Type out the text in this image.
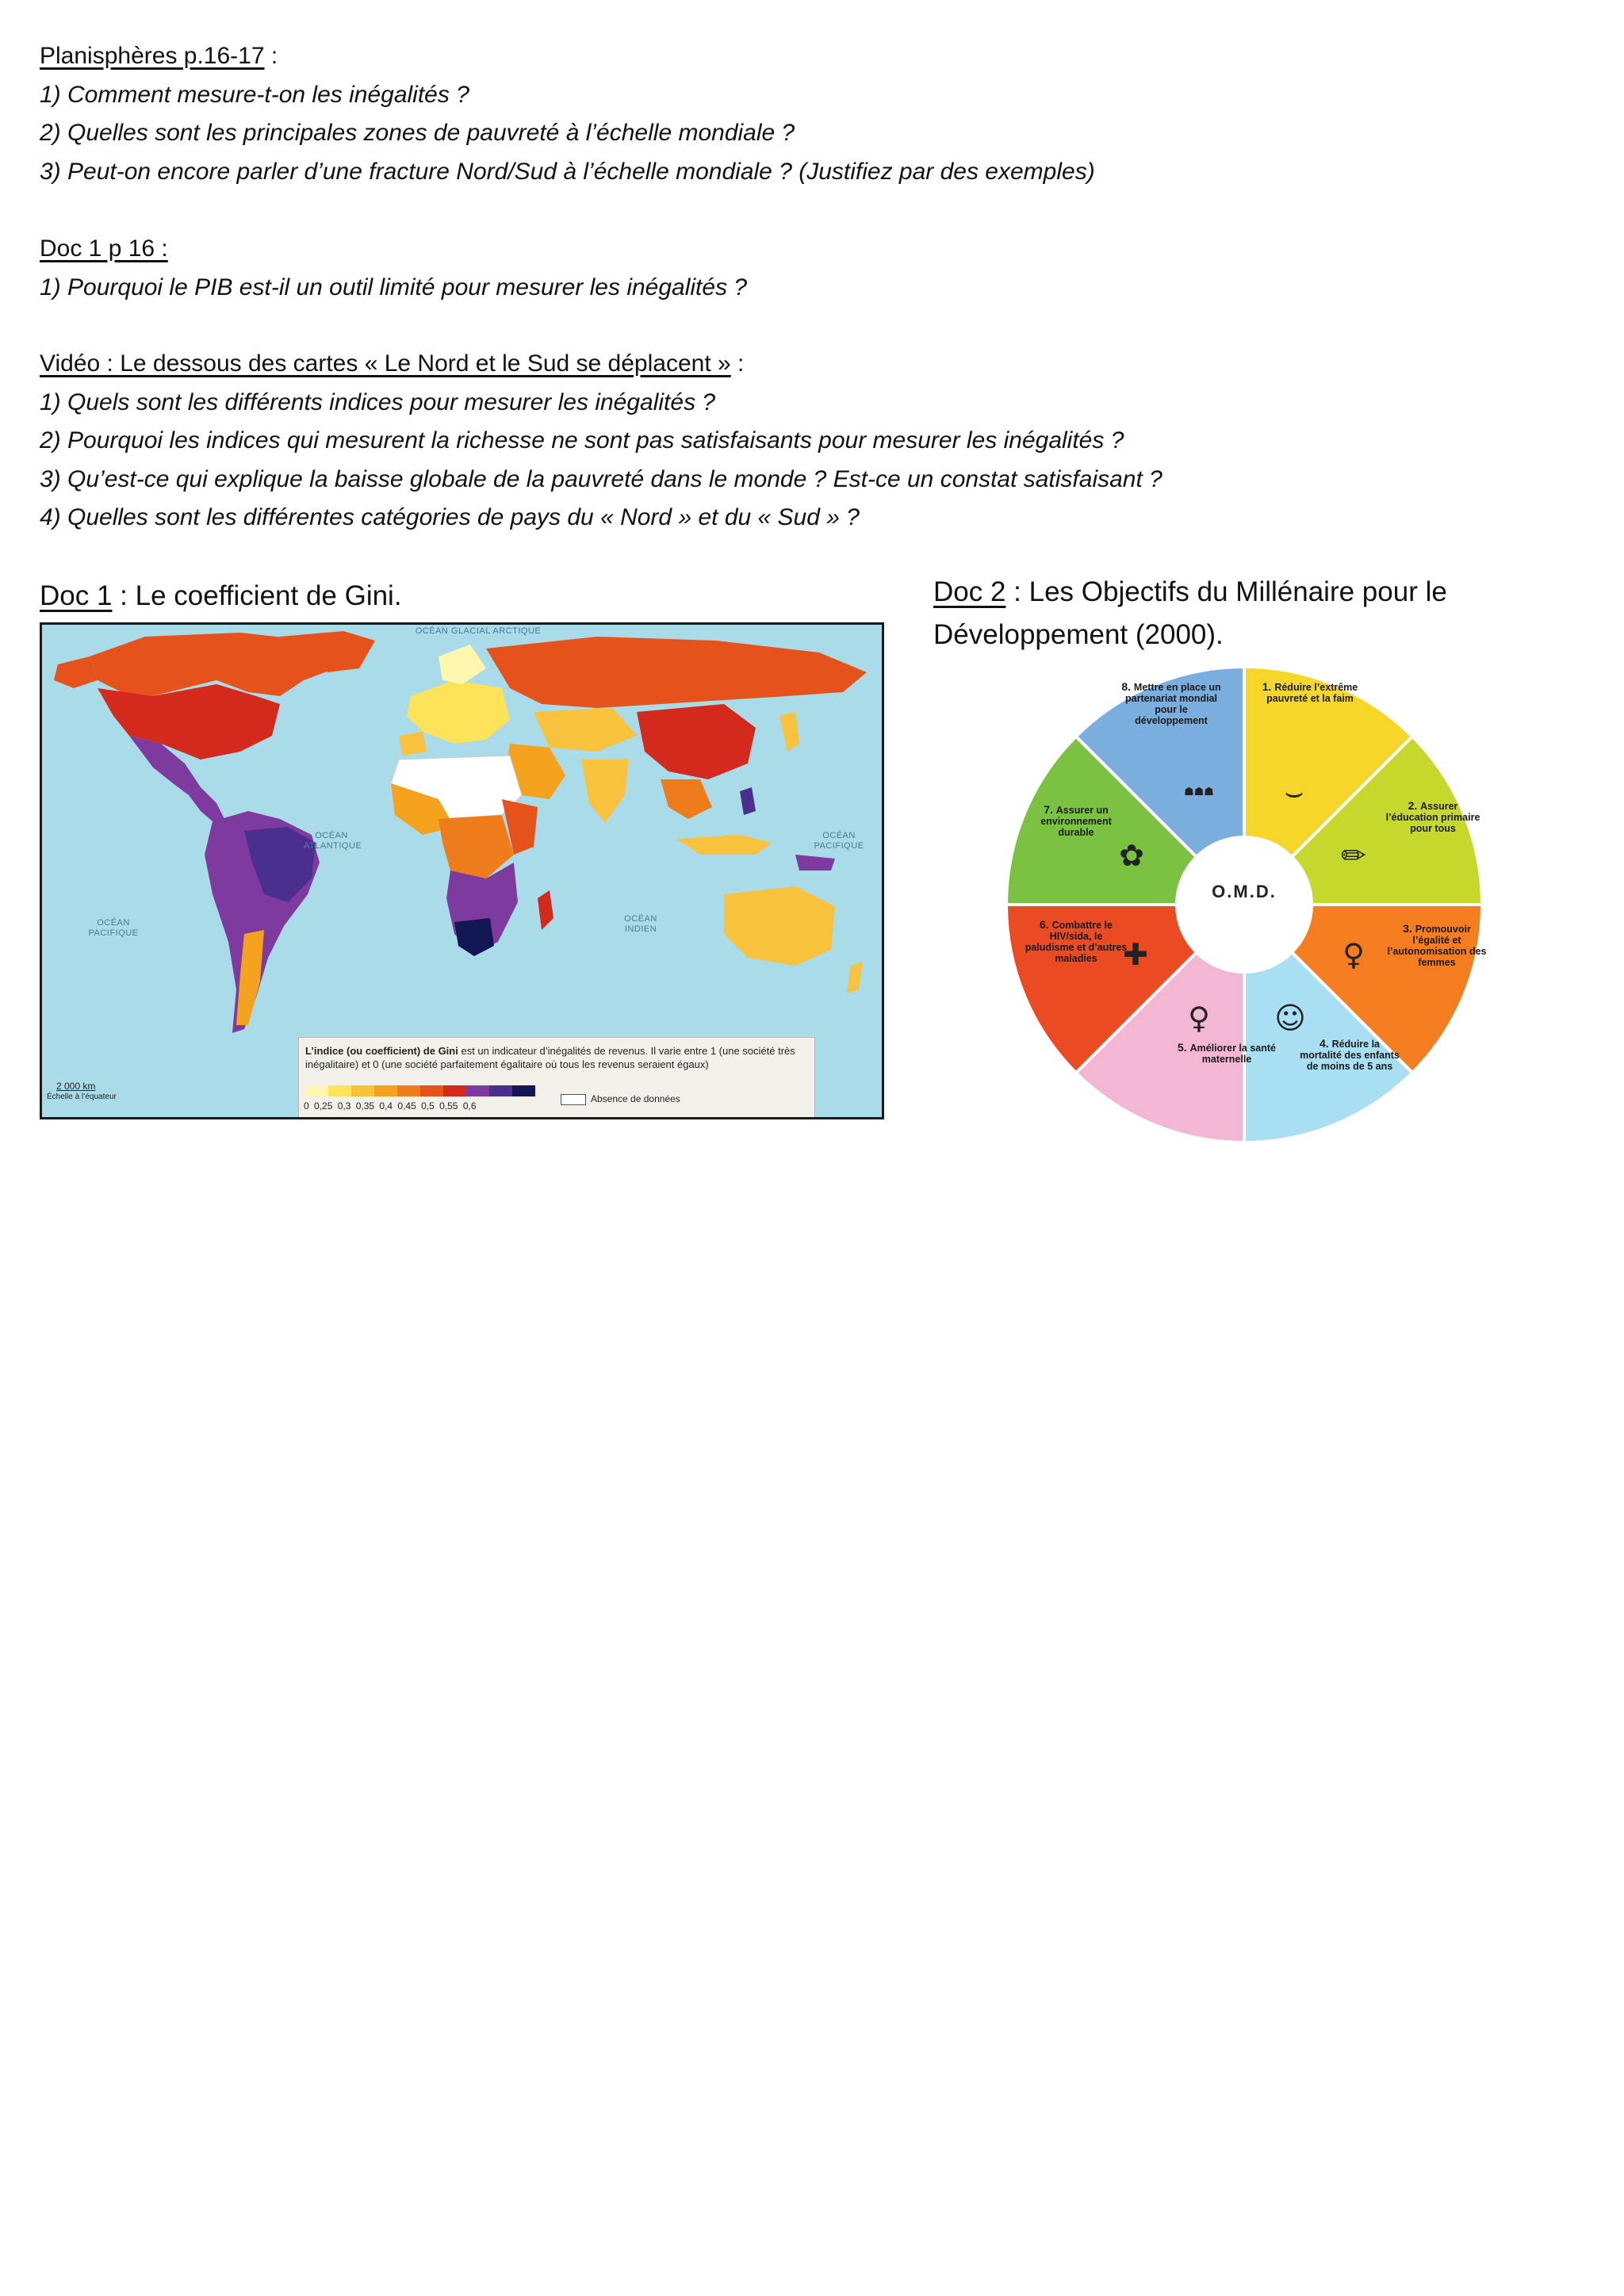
Planisphères p.16-17 :
1) Comment mesure-t-on les inégalités ?
2) Quelles sont les principales zones de pauvreté à l’échelle mondiale ?
3) Peut-on encore parler d’une fracture Nord/Sud à l’échelle mondiale ? (Justifiez par des exemples)
Doc 1 p 16 :
1) Pourquoi le PIB est-il un outil limité pour mesurer les inégalités ?
Vidéo : Le dessous des cartes « Le Nord et le Sud se déplacent » :
1) Quels sont les différents indices pour mesurer les inégalités ?
2) Pourquoi les indices qui mesurent la richesse ne sont pas satisfaisants pour mesurer les inégalités ?
3) Qu’est-ce qui explique la baisse globale de la pauvreté dans le monde ? Est-ce un constat satisfaisant ?
4) Quelles sont les différentes catégories de pays du « Nord » et du « Sud » ?
Doc 1 : Le coefficient de Gini.
OCÉAN GLACIAL ARCTIQUE
OCÉAN ATLANTIQUE
OCÉAN PACIFIQUE
OCÉAN PACIFIQUE
OCÉAN INDIEN
L’indice (ou coefficient) de Gini est un indicateur d’inégalités de revenus. Il varie entre 1 (une société très inégalitaire) et 0 (une société parfaitement égalitaire où tous les revenus seraient égaux)
0 0,25 0,3 0,35 0,4 0,45 0,5 0,55 0,6
Absence de données
2 000 km
Échelle à l’équateur
Doc 2 : Les Objectifs du Millénaire pour le
Développement (2000).
O.M.D.
1. Réduire l’extrême pauvreté et la faim
⌣	2. Assurer l’éducation primaire pour tous
✏
3. Promouvoir l’égalité et l’autonomisation des femmes
♀
4. Réduire la mortalité des enfants de moins de 5 ans
☺
5. Améliorer la santé maternelle
♀
6. Combattre le HIV/sida, le paludisme et d’autres maladies ✚
7. Assurer un environnement durable
✿
8. Mettre en place un partenariat mondial pour le développement
☗☗☗
